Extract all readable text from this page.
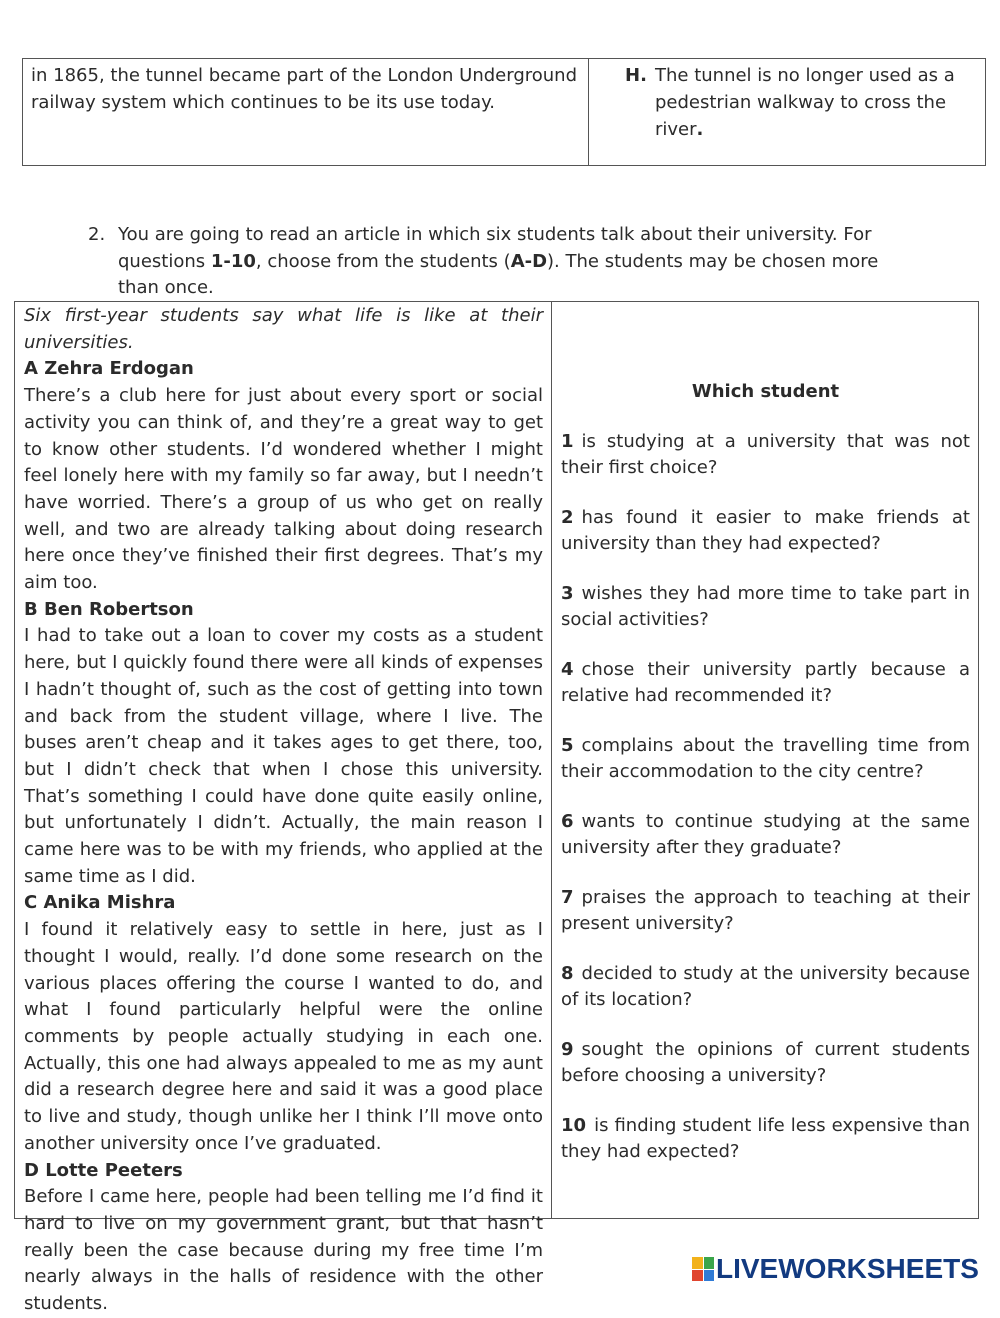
in 1865, the tunnel became part of the London Underground railway system which continues to be its use today.
H. The tunnel is no longer used as a pedestrian walkway to cross the river.
2. You are going to read an article in which six students talk about their university. For questions 1-10, choose from the students (A-D). The students may be chosen more than once.

Six first-year students say what life is like at their universities.

A Zehra Erdogan

There’s a club here for just about every sport or social activity you can think of, and they’re a great way to get to know other students. I’d wondered whether I might feel lonely here with my family so far away, but I needn’t have worried. There’s a group of us who get on really well, and two are already talking about doing research here once they’ve finished their first degrees. That’s my aim too.

B Ben Robertson

I had to take out a loan to cover my costs as a student here, but I quickly found there were all kinds of expenses I hadn’t thought of, such as the cost of getting into town and back from the student village, where I live. The buses aren’t cheap and it takes ages to get there, too, but I didn’t check that when I chose this university. That’s something I could have done quite easily online, but unfortunately I didn’t. Actually, the main reason I came here was to be with my friends, who applied at the same time as I did.

C Anika Mishra

I found it relatively easy to settle in here, just as I thought I would, really. I’d done some research on the various places offering the course I wanted to do, and what I found particularly helpful were the online comments by people actually studying in each one. Actually, this one had always appealed to me as my aunt did a research degree here and said it was a good place to live and study, though unlike her I think I’ll move onto another university once I’ve graduated.

D Lotte Peeters

Before I came here, people had been telling me I’d find it hard to live on my government grant, but that hasn’t really been the case because during my free time I’m nearly always in the halls of residence with the other students.

Which student
1 is studying at a university that was not their first choice?
2 has found it easier to make friends at university than they had expected?
3 wishes they had more time to take part in social activities?
4 chose their university partly because a relative had recommended it?
5 complains about the travelling time from their accommodation to the city centre?
6 wants to continue studying at the same university after they graduate?
7 praises the approach to teaching at their present university?
8 decided to study at the university because of its location?
9 sought the opinions of current students before choosing a university?
10 is finding student life less expensive than they had expected?
LIVEWORKSHEETS
